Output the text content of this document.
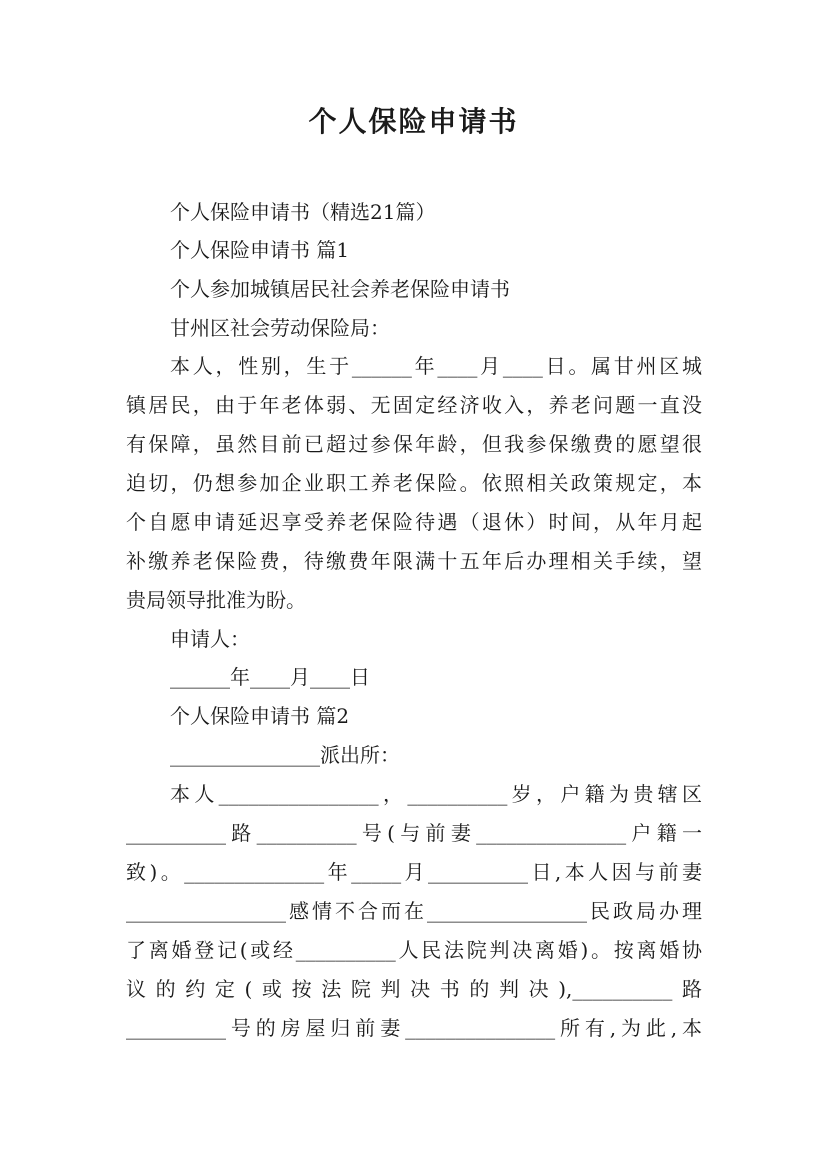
个人保险申请书

个人保险申请书（精选21篇）

个人保险申请书 篇1

个人参加城镇居民社会养老保险申请书

甘州区社会劳动保险局：

本人，性别，生于______年____月____日。属甘州区城

镇居民，由于年老体弱、无固定经济收入，养老问题一直没

有保障，虽然目前已超过参保年龄，但我参保缴费的愿望很

迫切，仍想参加企业职工养老保险。依照相关政策规定，本

个自愿申请延迟享受养老保险待遇（退休）时间，从年月起

补缴养老保险费，待缴费年限满十五年后办理相关手续，望

贵局领导批准为盼。

申请人：

______年____月____日

个人保险申请书 篇2

_______________派出所：

本人________________，__________岁，户籍为贵辖区

__________路__________号(与前妻_______________户籍一

致)。______________年_____月__________日,本人因与前妻

________________感情不合而在________________民政局办理

了离婚登记(或经__________人民法院判决离婚)。按离婚协

议的约定(或按法院判决书的判决),__________路

__________号的房屋归前妻_______________所有,为此,本
